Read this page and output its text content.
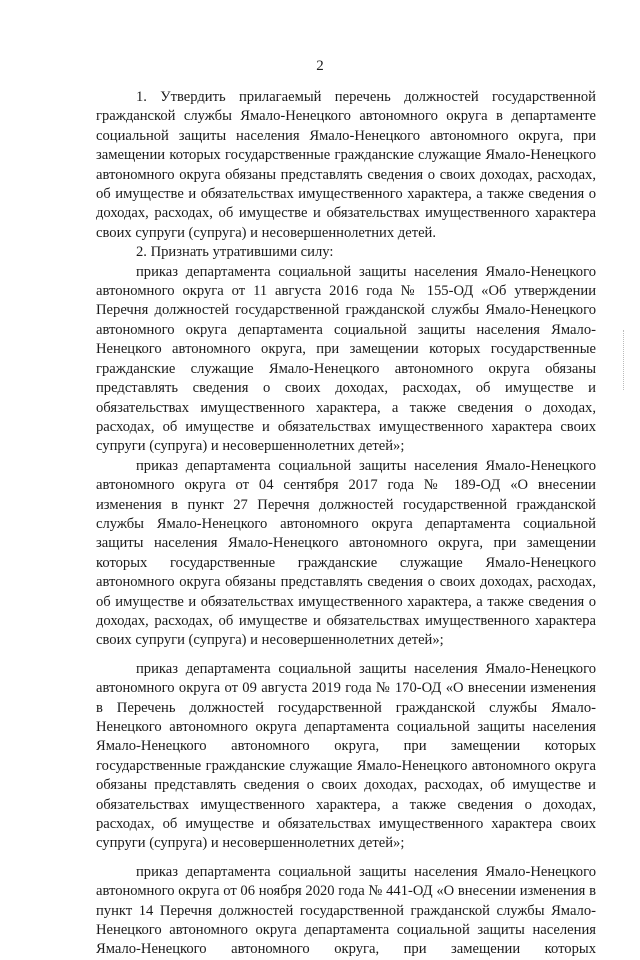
2

1. Утвердить прилагаемый перечень должностей государственной гражданской службы Ямало-Ненецкого автономного округа в департаменте социальной защиты населения Ямало-Ненецкого автономного округа, при замещении которых государственные гражданские служащие Ямало-Ненецкого автономного округа обязаны представлять сведения о своих доходах, расходах, об имуществе и обязательствах имущественного характера, а также сведения о доходах, расходах, об имуществе и обязательствах имущественного характера своих супруги (супруга) и несовершеннолетних детей.

2. Признать утратившими силу:

приказ департамента социальной защиты населения Ямало-Ненецкого автономного округа от 11 августа 2016 года № 155-ОД «Об утверждении Перечня должностей государственной гражданской службы Ямало-Ненецкого автономного округа департамента социальной защиты населения Ямало-Ненецкого автономного округа, при замещении которых государственные гражданские служащие Ямало-Ненецкого автономного округа обязаны представлять сведения о своих доходах, расходах, об имуществе и обязательствах имущественного характера, а также сведения о доходах, расходах, об имуществе и обязательствах имущественного характера своих супруги (супруга) и несовершеннолетних детей»;

приказ департамента социальной защиты населения Ямало-Ненецкого автономного округа от 04 сентября 2017 года № 189-ОД «О внесении изменения в пункт 27 Перечня должностей государственной гражданской службы Ямало-Ненецкого автономного округа департамента социальной защиты населения Ямало-Ненецкого автономного округа, при замещении которых государственные гражданские служащие Ямало-Ненецкого автономного округа обязаны представлять сведения о своих доходах, расходах, об имуществе и обязательствах имущественного характера, а также сведения о доходах, расходах, об имуществе и обязательствах имущественного характера своих супруги (супруга) и несовершеннолетних детей»;

приказ департамента социальной защиты населения Ямало-Ненецкого автономного округа от 09 августа 2019 года № 170-ОД «О внесении изменения в Перечень должностей государственной гражданской службы Ямало-Ненецкого автономного округа департамента социальной защиты населения Ямало-Ненецкого автономного округа, при замещении которых государственные гражданские служащие Ямало-Ненецкого автономного округа обязаны представлять сведения о своих доходах, расходах, об имуществе и обязательствах имущественного характера, а также сведения о доходах, расходах, об имуществе и обязательствах имущественного характера своих супруги (супруга) и несовершеннолетних детей»;

приказ департамента социальной защиты населения Ямало-Ненецкого автономного округа от 06 ноября 2020 года № 441-ОД «О внесении изменения в пункт 14 Перечня должностей государственной гражданской службы Ямало-Ненецкого автономного округа департамента социальной защиты населения Ямало-Ненецкого автономного округа, при замещении которых
